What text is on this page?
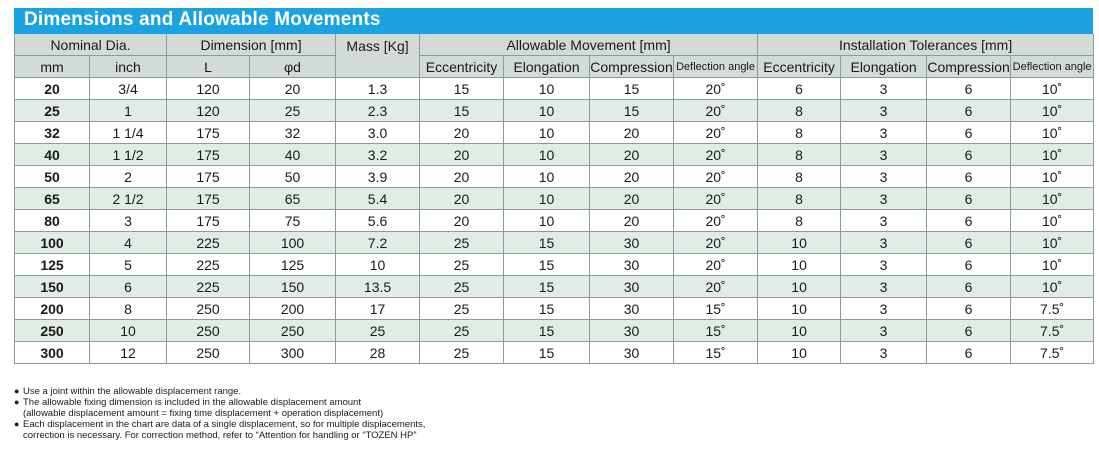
Dimensions and Allowable Movements
Nominal Dia.		Dimension [mm]		Mass [Kg]	Allowable Movement [mm]				Installation Tolerances [mm]			
mm	inch	L	φd		Eccentricity	Elongation	Compression	Deflection angle	Eccentricity	Elongation	Compression	Deflection angle
20	3/4	120	20	1.3	15	10	15	20˚	6	3	6	10˚
25	1	120	25	2.3	15	10	15	20˚	8	3	6	10˚
32	1 1/4	175	32	3.0	20	10	20	20˚	8	3	6	10˚
40	1 1/2	175	40	3.2	20	10	20	20˚	8	3	6	10˚
50	2	175	50	3.9	20	10	20	20˚	8	3	6	10˚
65	2 1/2	175	65	5.4	20	10	20	20˚	8	3	6	10˚
80	3	175	75	5.6	20	10	20	20˚	8	3	6	10˚
100	4	225	100	7.2	25	15	30	20˚	10	3	6	10˚
125	5	225	125	10	25	15	30	20˚	10	3	6	10˚
150	6	225	150	13.5	25	15	30	20˚	10	3	6	10˚
200	8	250	200	17	25	15	30	15˚	10	3	6	7.5˚
250	10	250	250	25	25	15	30	15˚	10	3	6	7.5˚
300	12	250	300	28	25	15	30	15˚	10	3	6	7.5˚
● Use a joint within the allowable displacement range.
● The allowable fixing dimension is included in the allowable displacement amount
(allowable displacement amount = fixing time displacement + operation displacement)
● Each displacement in the chart are data of a single displacement, so for multiple displacements,
correction is necessary. For correction method, refer to “Attention for handling or “TOZEN HP”
